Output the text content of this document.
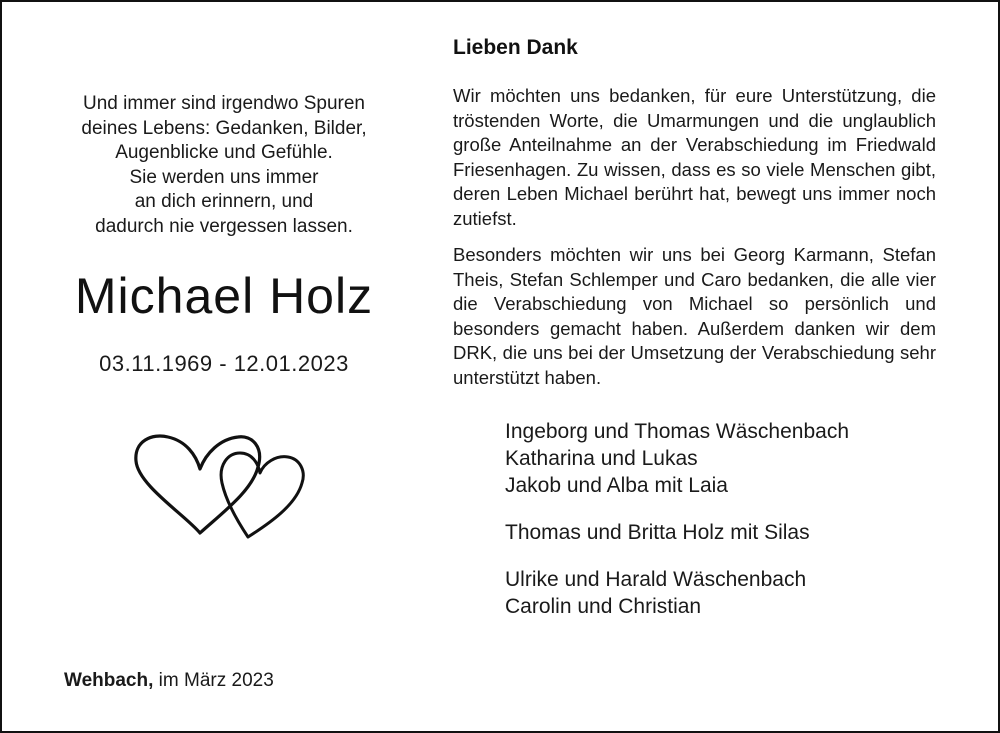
Und immer sind irgendwo Spuren
deines Lebens: Gedanken, Bilder,
Augenblicke und Gefühle.
Sie werden uns immer
an dich erinnern, und
dadurch nie vergessen lassen.
Michael Holz
03.11.1969 - 12.01.2023
Wehbach, im März 2023
Lieben Dank

Wir möchten uns bedanken, für eure Unterstützung, die tröstenden Worte, die Umarmungen und die unglaublich große Anteilnahme an der Verabschiedung im Friedwald Friesenhagen. Zu wissen, dass es so viele Menschen gibt, deren Leben Michael berührt hat, bewegt uns immer noch zutiefst.

Besonders möchten wir uns bei Georg Karmann, Stefan Theis, Stefan Schlemper und Caro bedanken, die alle vier die Verabschiedung von Michael so persönlich und besonders gemacht haben. Außerdem danken wir dem DRK, die uns bei der Umsetzung der Verabschiedung sehr unterstützt haben.

Ingeborg und Thomas Wäschenbach
Katharina und Lukas
Jakob und Alba mit Laia
Thomas und Britta Holz mit Silas
Ulrike und Harald Wäschenbach
Carolin und Christian
